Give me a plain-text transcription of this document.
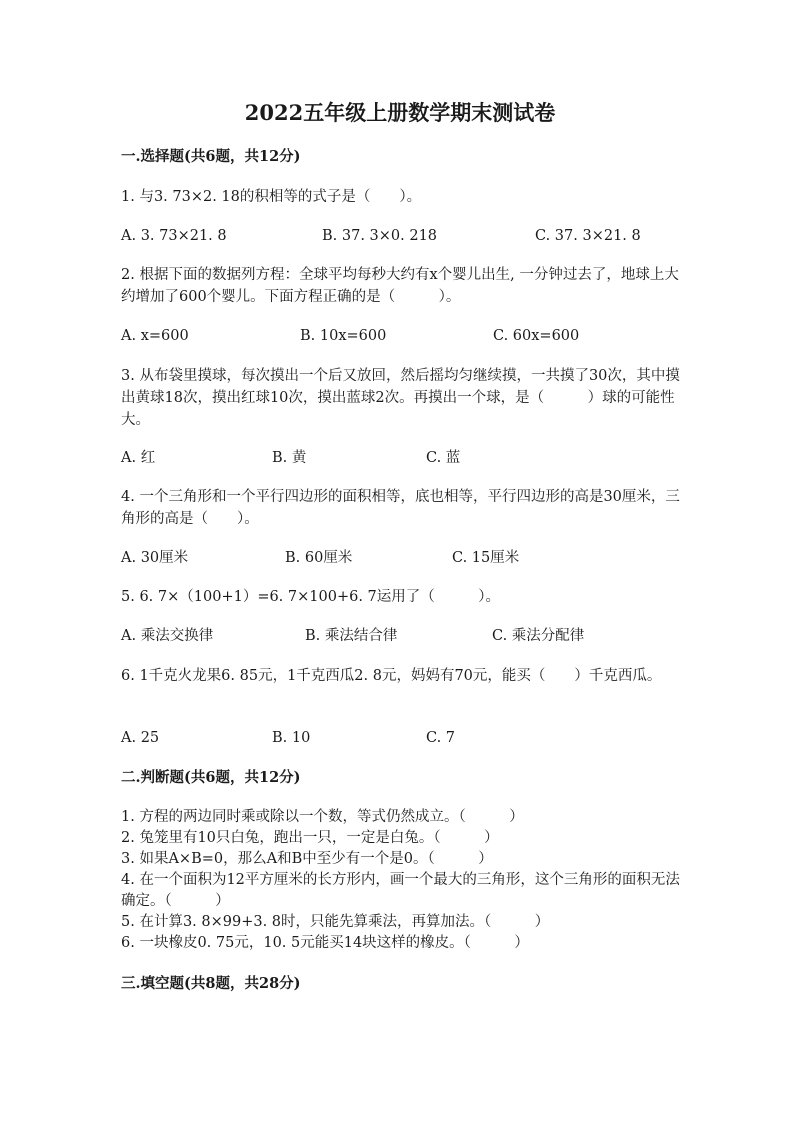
2022五年级上册数学期末测试卷
一.选择题(共6题，共12分)
1. 与3. 73×2. 18的积相等的式子是（　　）。
A. 3. 73×21. 8	B. 37. 3×0. 218	C. 37. 3×21. 8
2. 根据下面的数据列方程：全球平均每秒大约有x个婴儿出生, 一分钟过去了，地球上大约增加了600个婴儿。下面方程正确的是（　　　）。
A. x=600	B. 10x=600	C. 60x=600
3. 从布袋里摸球，每次摸出一个后又放回，然后摇均匀继续摸，一共摸了30次，其中摸出黄球18次，摸出红球10次，摸出蓝球2次。再摸出一个球，是（　　　）球的可能性大。
A. 红	B. 黄	C. 蓝
4. 一个三角形和一个平行四边形的面积相等，底也相等，平行四边形的高是30厘米，三角形的高是（　　）。
A. 30厘米	B. 60厘米	C. 15厘米
5. 6. 7×（100+1）=6. 7×100+6. 7运用了（　　　）。
A. 乘法交换律	B. 乘法结合律	C. 乘法分配律
6. 1千克火龙果6. 85元，1千克西瓜2. 8元，妈妈有70元，能买（　　）千克西瓜。
A. 25	B. 10	C. 7
二.判断题(共6题，共12分)
1. 方程的两边同时乘或除以一个数，等式仍然成立。（　　　）
2. 兔笼里有10只白兔，跑出一只，一定是白兔。（　　　）
3. 如果A×B=0，那么A和B中至少有一个是0。（　　　）
4. 在一个面积为12平方厘米的长方形内，画一个最大的三角形，这个三角形的面积无法确定。（　　　）
5. 在计算3. 8×99+3. 8时，只能先算乘法，再算加法。（　　　）
6. 一块橡皮0. 75元，10. 5元能买14块这样的橡皮。（　　　）
三.填空题(共8题，共28分)
